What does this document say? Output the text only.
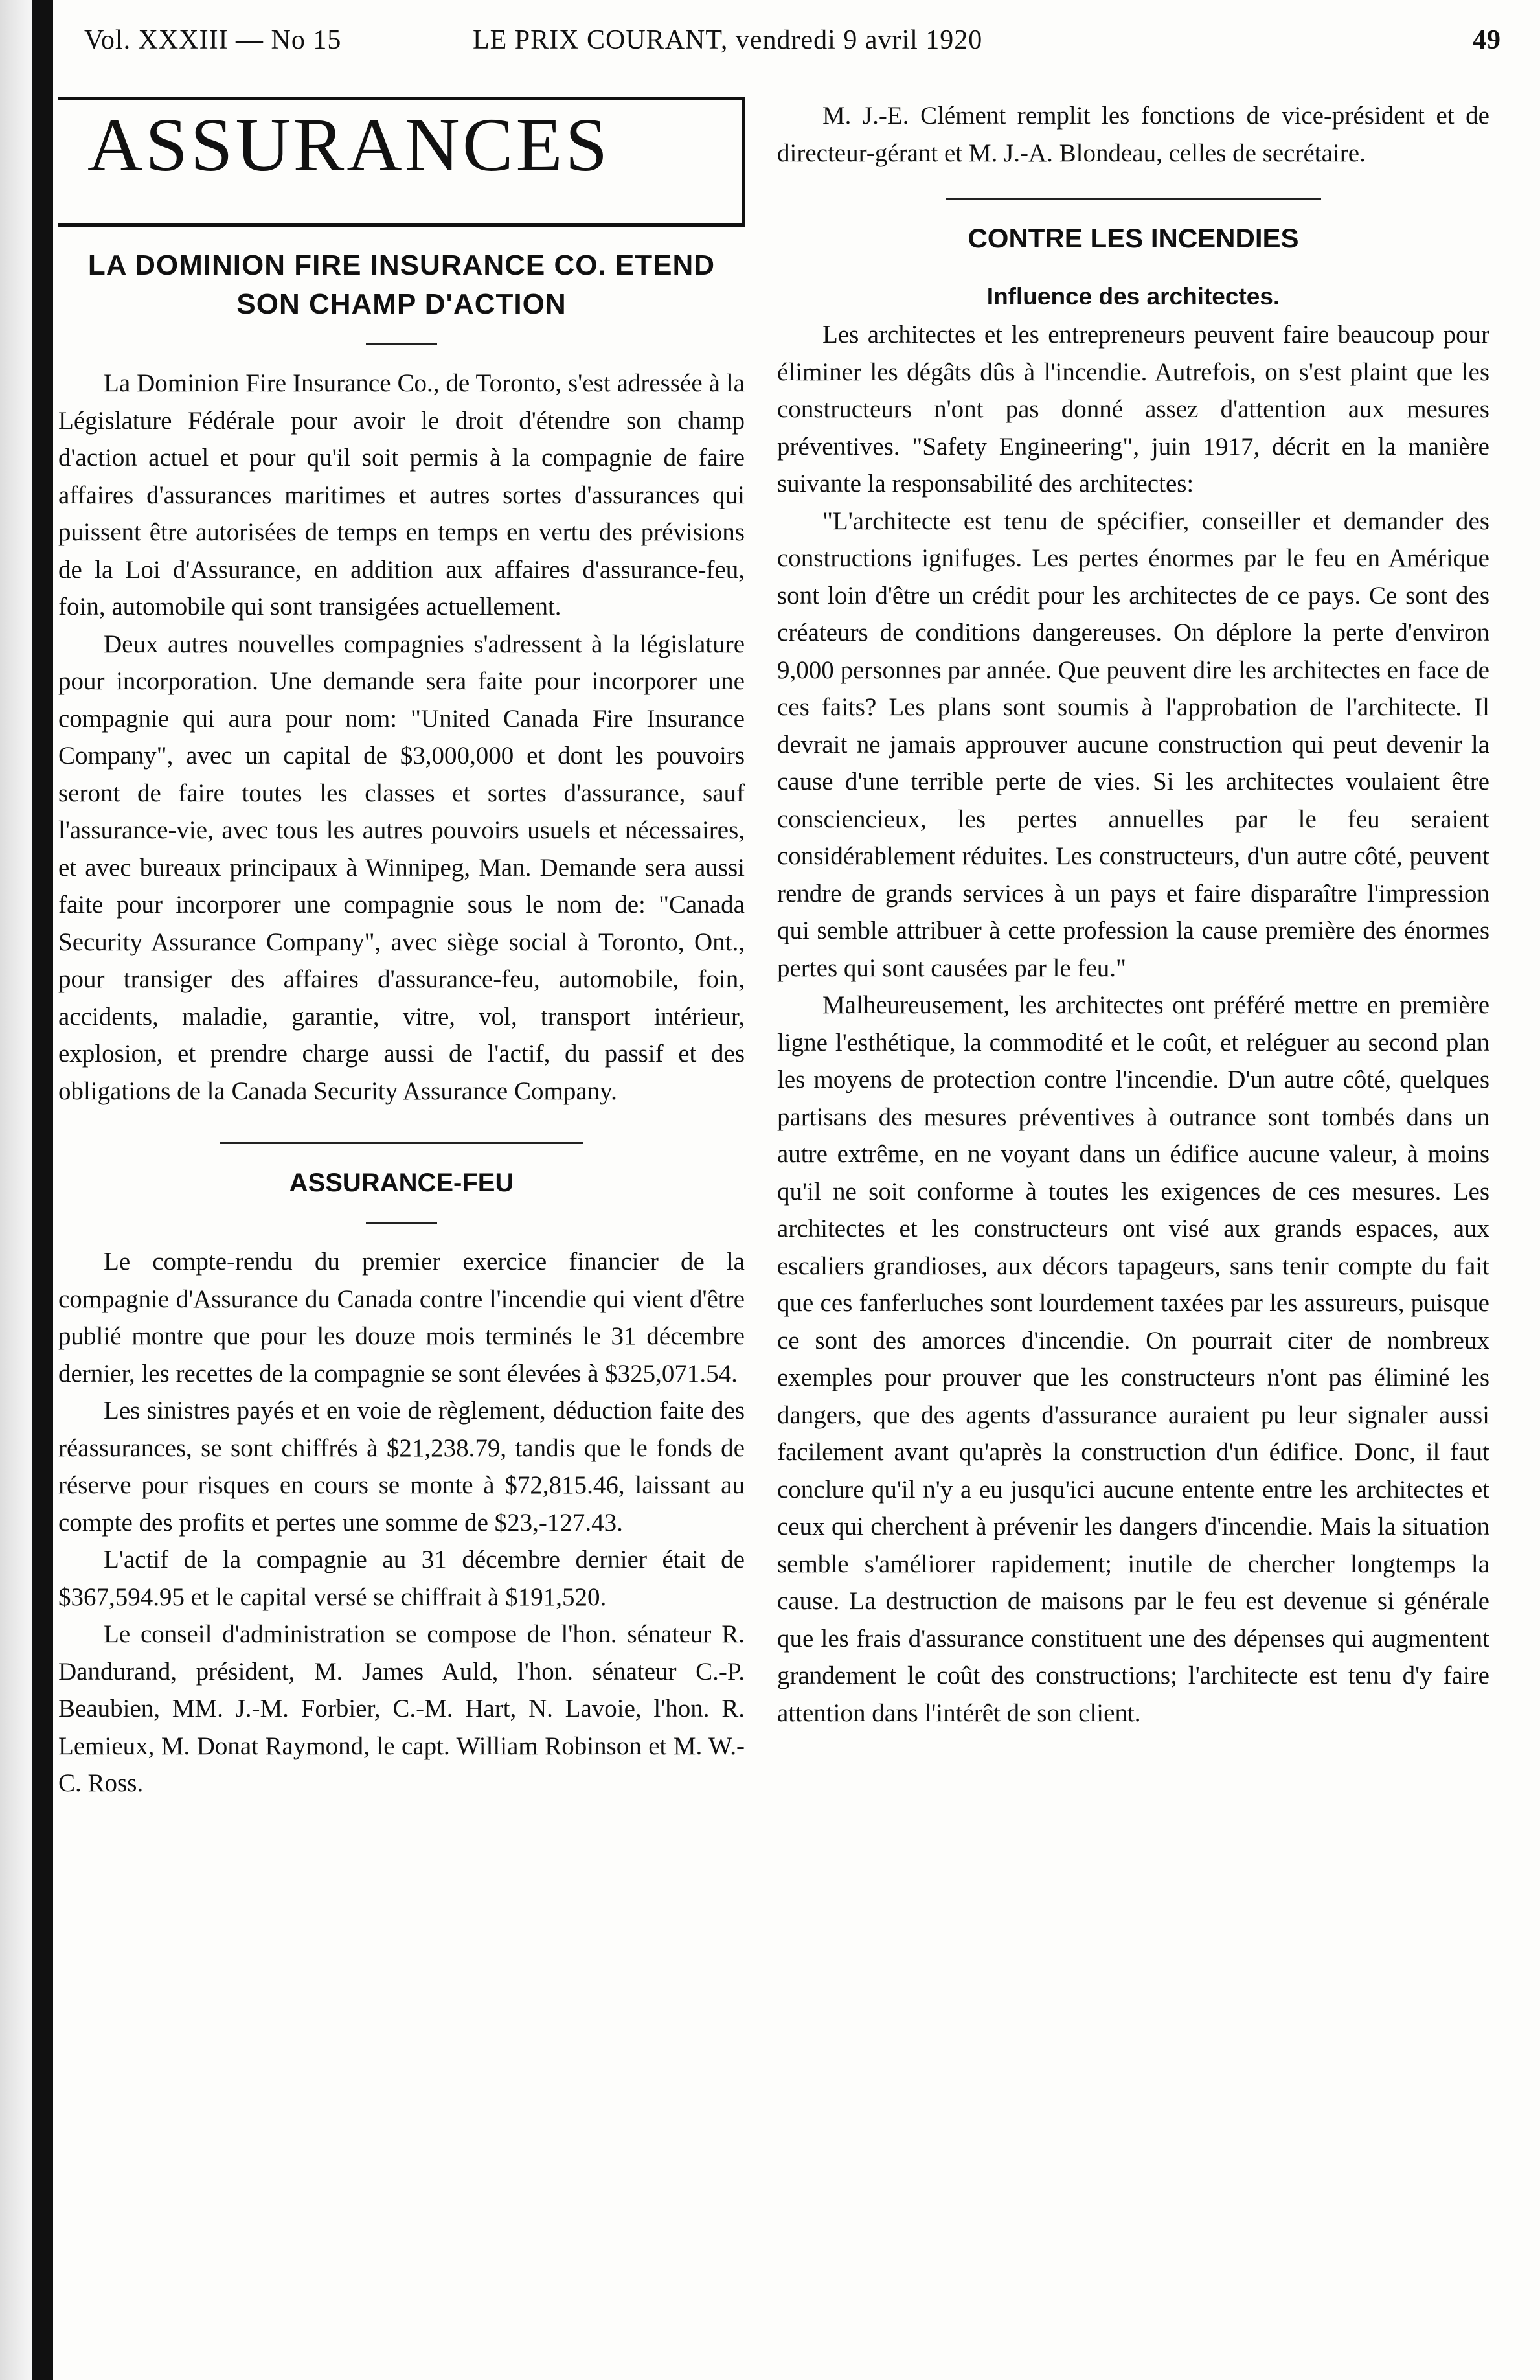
Vol. XXXIII — No 15	LE PRIX COURANT, vendredi 9 avril 1920	49
ASSURANCES
LA DOMINION FIRE INSURANCE CO. ETEND SON CHAMP D'ACTION

La Dominion Fire Insurance Co., de Toronto, s'est adressée à la Législature Fédérale pour avoir le droit d'étendre son champ d'action actuel et pour qu'il soit permis à la compagnie de faire affaires d'assurances maritimes et autres sortes d'assurances qui puissent être autorisées de temps en temps en vertu des prévisions de la Loi d'Assurance, en addition aux affaires d'assurance-feu, foin, automobile qui sont transigées actuellement.

Deux autres nouvelles compagnies s'adressent à la législature pour incorporation. Une demande sera faite pour incorporer une compagnie qui aura pour nom: "United Canada Fire Insurance Company", avec un capital de $3,000,000 et dont les pouvoirs seront de faire toutes les classes et sortes d'assurance, sauf l'assurance-vie, avec tous les autres pouvoirs usuels et nécessaires, et avec bureaux principaux à Winnipeg, Man. Demande sera aussi faite pour incorporer une compagnie sous le nom de: "Canada Security Assurance Company", avec siège social à Toronto, Ont., pour transiger des affaires d'assurance-feu, automobile, foin, accidents, maladie, garantie, vitre, vol, transport intérieur, explosion, et prendre charge aussi de l'actif, du passif et des obligations de la Canada Security Assurance Company.

ASSURANCE-FEU

Le compte-rendu du premier exercice financier de la compagnie d'Assurance du Canada contre l'incendie qui vient d'être publié montre que pour les douze mois terminés le 31 décembre dernier, les recettes de la compagnie se sont élevées à $325,071.54.

Les sinistres payés et en voie de règlement, déduction faite des réassurances, se sont chiffrés à $21,238.79, tandis que le fonds de réserve pour risques en cours se monte à $72,815.46, laissant au compte des profits et pertes une somme de $23,-127.43.

L'actif de la compagnie au 31 décembre dernier était de $367,594.95 et le capital versé se chiffrait à $191,520.

Le conseil d'administration se compose de l'hon. sénateur R. Dandurand, président, M. James Auld, l'hon. sénateur C.-P. Beaubien, MM. J.-M. Forbier, C.-M. Hart, N. Lavoie, l'hon. R. Lemieux, M. Donat Raymond, le capt. William Robinson et M. W.-C. Ross.

M. J.-E. Clément remplit les fonctions de vice-président et de directeur-gérant et M. J.-A. Blondeau, celles de secrétaire.

CONTRE LES INCENDIES
Influence des architectes.

Les architectes et les entrepreneurs peuvent faire beaucoup pour éliminer les dégâts dûs à l'incendie. Autrefois, on s'est plaint que les constructeurs n'ont pas donné assez d'attention aux mesures préventives. "Safety Engineering", juin 1917, décrit en la manière suivante la responsabilité des architectes:

"L'architecte est tenu de spécifier, conseiller et demander des constructions ignifuges. Les pertes énormes par le feu en Amérique sont loin d'être un crédit pour les architectes de ce pays. Ce sont des créateurs de conditions dangereuses. On déplore la perte d'environ 9,000 personnes par année. Que peuvent dire les architectes en face de ces faits? Les plans sont soumis à l'approbation de l'architecte. Il devrait ne jamais approuver aucune construction qui peut devenir la cause d'une terrible perte de vies. Si les architectes voulaient être consciencieux, les pertes annuelles par le feu seraient considérablement réduites. Les constructeurs, d'un autre côté, peuvent rendre de grands services à un pays et faire disparaître l'impression qui semble attribuer à cette profession la cause première des énormes pertes qui sont causées par le feu."

Malheureusement, les architectes ont préféré mettre en première ligne l'esthétique, la commodité et le coût, et reléguer au second plan les moyens de protection contre l'incendie. D'un autre côté, quelques partisans des mesures préventives à outrance sont tombés dans un autre extrême, en ne voyant dans un édifice aucune valeur, à moins qu'il ne soit conforme à toutes les exigences de ces mesures. Les architectes et les constructeurs ont visé aux grands espaces, aux escaliers grandioses, aux décors tapageurs, sans tenir compte du fait que ces fanferluches sont lourdement taxées par les assureurs, puisque ce sont des amorces d'incendie. On pourrait citer de nombreux exemples pour prouver que les constructeurs n'ont pas éliminé les dangers, que des agents d'assurance auraient pu leur signaler aussi facilement avant qu'après la construction d'un édifice. Donc, il faut conclure qu'il n'y a eu jusqu'ici aucune entente entre les architectes et ceux qui cherchent à prévenir les dangers d'incendie. Mais la situation semble s'améliorer rapidement; inutile de chercher longtemps la cause. La destruction de maisons par le feu est devenue si générale que les frais d'assurance constituent une des dépenses qui augmentent grandement le coût des constructions; l'architecte est tenu d'y faire attention dans l'intérêt de son client.
